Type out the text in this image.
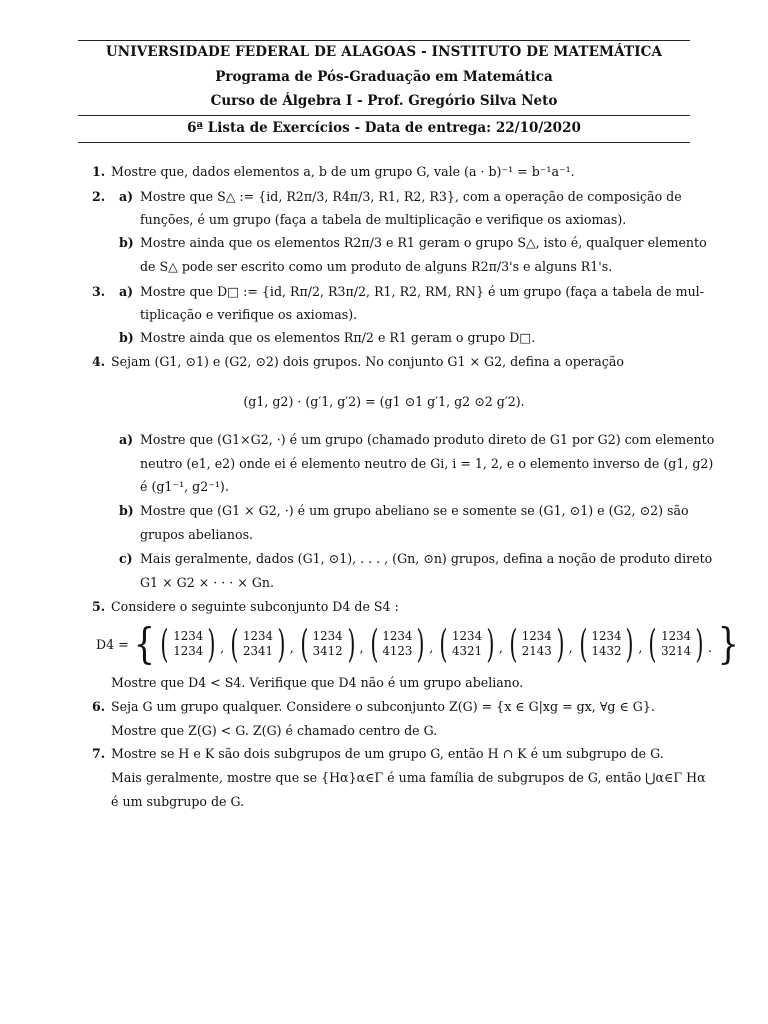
UNIVERSIDADE FEDERAL DE ALAGOAS - INSTITUTO DE MATEMÁTICA
Programa de Pós-Graduação em Matemática
Curso de Álgebra I - Prof. Gregório Silva Neto
6ª Lista de Exercícios - Data de entrega: 22/10/2020
1. Mostre que, dados elementos a, b de um grupo G, vale (a · b)⁻¹ = b⁻¹a⁻¹.
2. a) Mostre que S△ := {id, R2π/3, R4π/3, R1, R2, R3}, com a operação de composição de
funções, é um grupo (faça a tabela de multiplicação e verifique os axiomas).
b) Mostre ainda que os elementos R2π/3 e R1 geram o grupo S△, isto é, qualquer elemento
de S△ pode ser escrito como um produto de alguns R2π/3's e alguns R1's.
3. a) Mostre que D□ := {id, Rπ/2, R3π/2, R1, R2, RM, RN} é um grupo (faça a tabela de mul-
tiplicação e verifique os axiomas).
b) Mostre ainda que os elementos Rπ/2 e R1 geram o grupo D□.
4. Sejam (G1, ⊙1) e (G2, ⊙2) dois grupos. No conjunto G1 × G2, defina a operação
(g1, g2) · (g′1, g′2) = (g1 ⊙1 g′1, g2 ⊙2 g′2).
a) Mostre que (G1×G2, ·) é um grupo (chamado produto direto de G1 por G2) com elemento
neutro (e1, e2) onde ei é elemento neutro de Gi, i = 1, 2, e o elemento inverso de (g1, g2)
é (g1⁻¹, g2⁻¹).
b) Mostre que (G1 × G2, ·) é um grupo abeliano se e somente se (G1, ⊙1) e (G2, ⊙2) são
grupos abelianos.
c) Mais geralmente, dados (G1, ⊙1), . . . , (Gn, ⊙n) grupos, defina a noção de produto direto
G1 × G2 × · · · × Gn.
5. Considere o seguinte subconjunto D4 de S4 :
D4 = { ( 1234
1234 ) , ( 1234
2341 ) , ( 1234
3412 ) , ( 1234
4123 ) , ( 1234
4321 ) , ( 1234
2143 ) , ( 1234
1432 ) , ( 1234
3214 ) . }
Mostre que D4 < S4. Verifique que D4 não é um grupo abeliano.
6. Seja G um grupo qualquer. Considere o subconjunto Z(G) = {x ∈ G|xg = gx, ∀g ∈ G}.
Mostre que Z(G) < G. Z(G) é chamado centro de G.
7. Mostre se H e K são dois subgrupos de um grupo G, então H ∩ K é um subgrupo de G.
Mais geralmente, mostre que se {Hα}α∈Γ é uma família de subgrupos de G, então ⋃α∈Γ Hα
é um subgrupo de G.
